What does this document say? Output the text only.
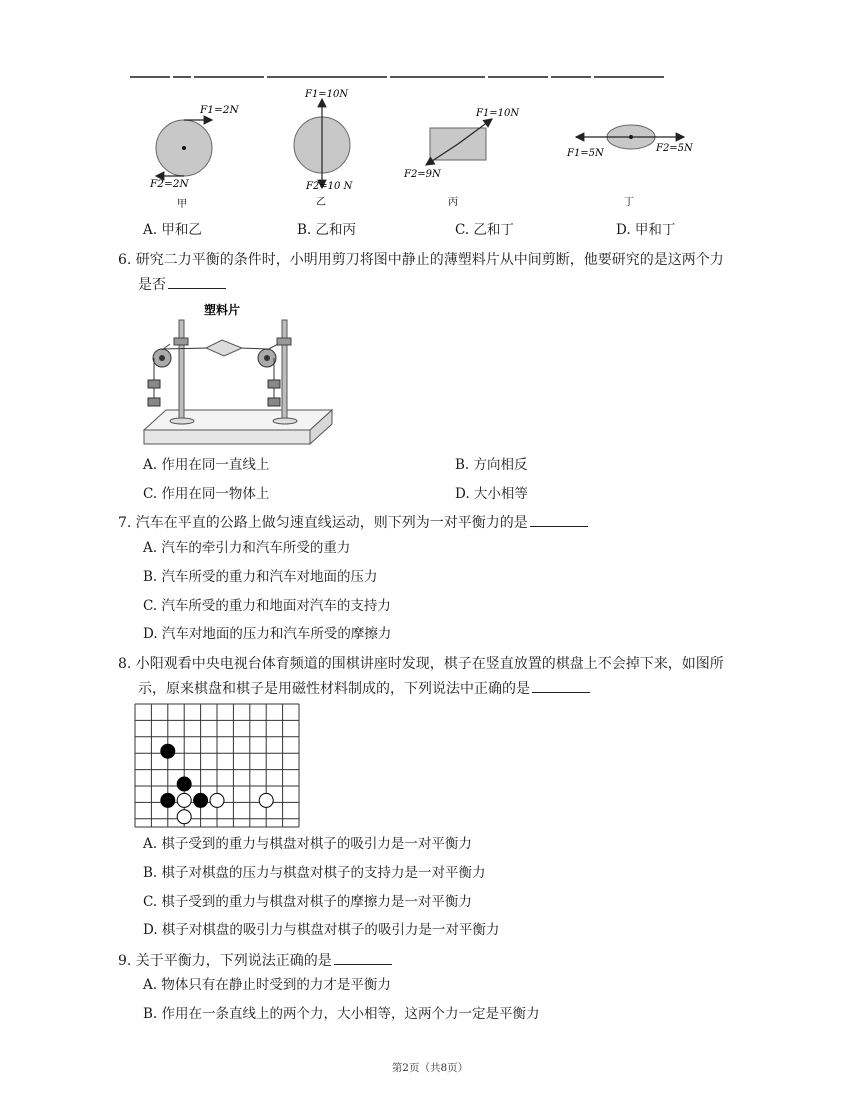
F1=2N
F2=2N
甲
F1=10N
F2=10 N
乙
F1=10N
F2=9N
丙
F1=5N	F2=5N
丁
A. 甲和乙	B. 乙和丙	C. 乙和丁	D. 甲和丁
6. 研究二力平衡的条件时，小明用剪刀将图中静止的薄塑料片从中间剪断，他要研究的是这两个力
是否
塑料片
A. 作用在同一直线上	B. 方向相反
C. 作用在同一物体上	D. 大小相等
7. 汽车在平直的公路上做匀速直线运动，则下列为一对平衡力的是
A. 汽车的牵引力和汽车所受的重力
B. 汽车所受的重力和汽车对地面的压力
C. 汽车所受的重力和地面对汽车的支持力
D. 汽车对地面的压力和汽车所受的摩擦力
8. 小阳观看中央电视台体育频道的围棋讲座时发现，棋子在竖直放置的棋盘上不会掉下来，如图所
示，原来棋盘和棋子是用磁性材料制成的，下列说法中正确的是
A. 棋子受到的重力与棋盘对棋子的吸引力是一对平衡力
B. 棋子对棋盘的压力与棋盘对棋子的支持力是一对平衡力
C. 棋子受到的重力与棋盘对棋子的摩擦力是一对平衡力
D. 棋子对棋盘的吸引力与棋盘对棋子的吸引力是一对平衡力
9. 关于平衡力，下列说法正确的是
A. 物体只有在静止时受到的力才是平衡力
B. 作用在一条直线上的两个力，大小相等，这两个力一定是平衡力
第2页（共8页）
